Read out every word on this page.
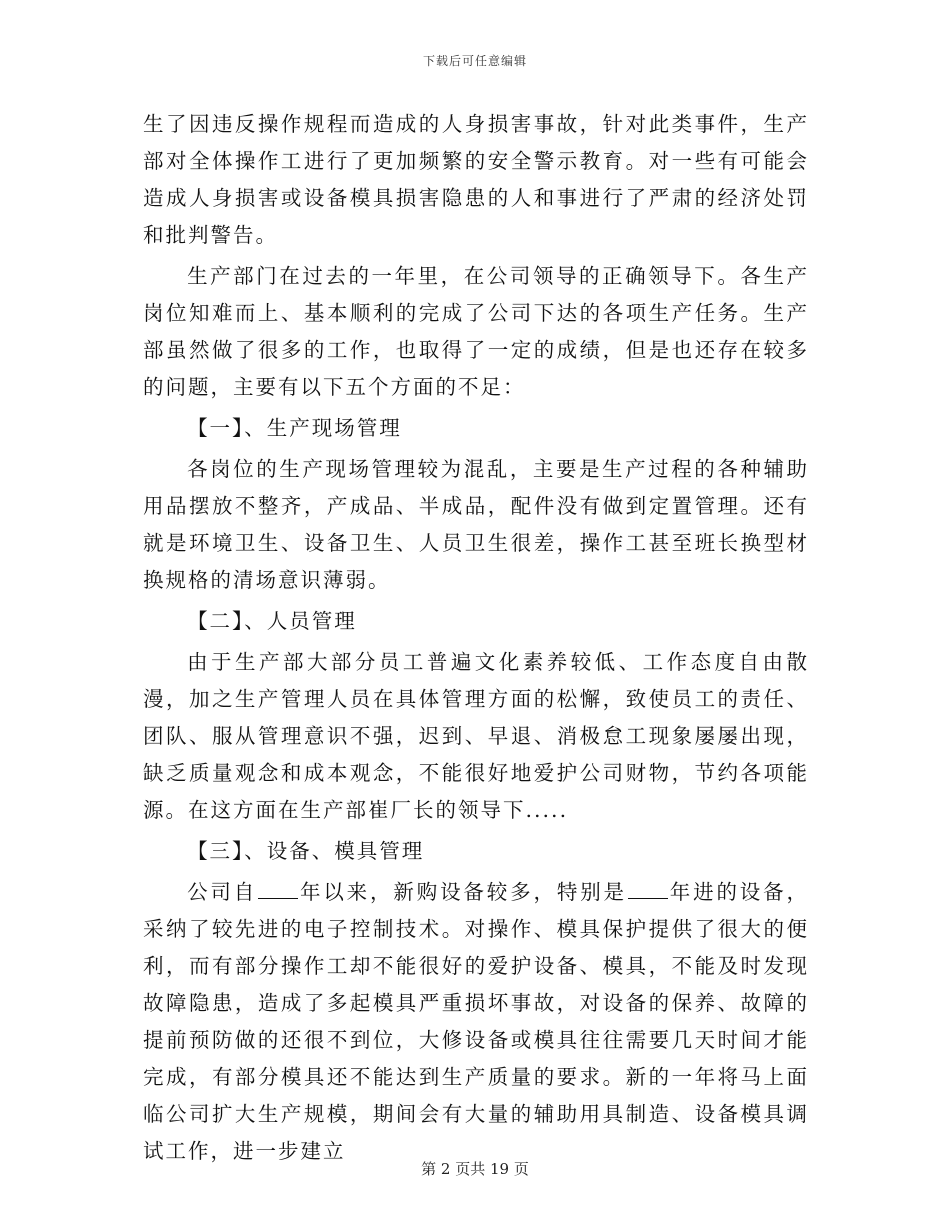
下载后可任意编辑

生了因违反操作规程而造成的人身损害事故，针对此类事件，生产部对全体操作工进行了更加频繁的安全警示教育。对一些有可能会造成人身损害或设备模具损害隐患的人和事进行了严肃的经济处罚和批判警告。

生产部门在过去的一年里，在公司领导的正确领导下。各生产岗位知难而上、基本顺利的完成了公司下达的各项生产任务。生产部虽然做了很多的工作，也取得了一定的成绩，但是也还存在较多的问题，主要有以下五个方面的不足：

【一】、生产现场管理

各岗位的生产现场管理较为混乱，主要是生产过程的各种辅助用品摆放不整齐，产成品、半成品，配件没有做到定置管理。还有就是环境卫生、设备卫生、人员卫生很差，操作工甚至班长换型材换规格的清场意识薄弱。

【二】、人员管理

由于生产部大部分员工普遍文化素养较低、工作态度自由散漫，加之生产管理人员在具体管理方面的松懈，致使员工的责任、团队、服从管理意识不强，迟到、早退、消极怠工现象屡屡出现，缺乏质量观念和成本观念，不能很好地爱护公司财物，节约各项能源。在这方面在生产部崔厂长的领导下.....

【三】、设备、模具管理

公司自 年以来，新购设备较多，特别是 年进的设备，采纳了较先进的电子控制技术。对操作、模具保护提供了很大的便利，而有部分操作工却不能很好的爱护设备、模具，不能及时发现故障隐患，造成了多起模具严重损坏事故，对设备的保养、故障的提前预防做的还很不到位，大修设备或模具往往需要几天时间才能完成，有部分模具还不能达到生产质量的要求。新的一年将马上面临公司扩大生产规模，期间会有大量的辅助用具制造、设备模具调试工作，进一步建立

第 2 页共 19 页
